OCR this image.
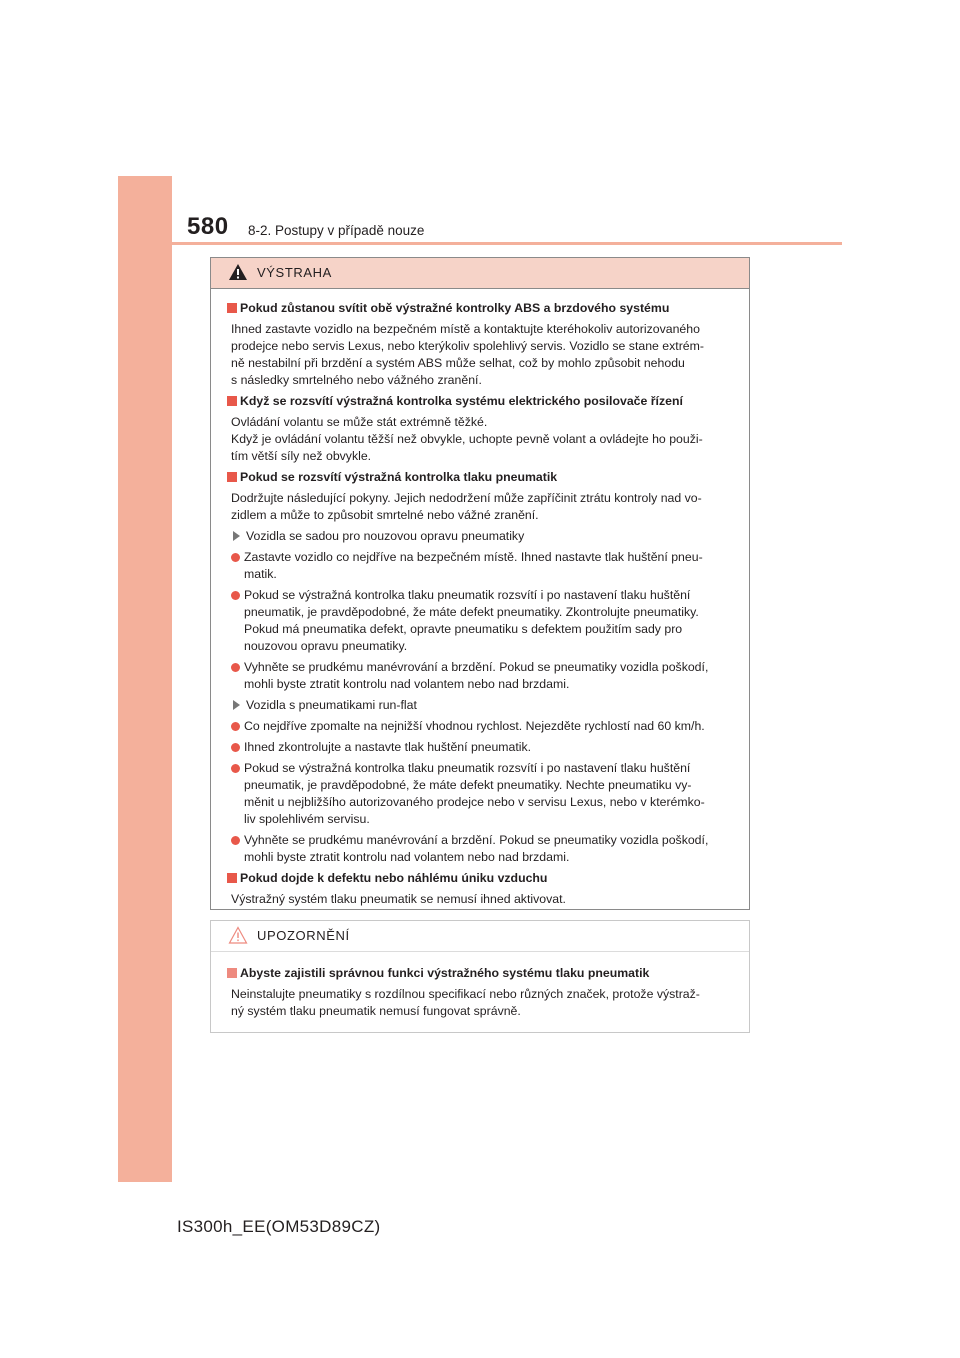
580 8-2. Postupy v případě nouze
VÝSTRAHA
Pokud zůstanou svítit obě výstražné kontrolky ABS a brzdového systému
Ihned zastavte vozidlo na bezpečném místě a kontaktujte kteréhokoliv autorizovaného
prodejce nebo servis Lexus, nebo kterýkoliv spolehlivý servis. Vozidlo se stane extrém-
ně nestabilní při brzdění a systém ABS může selhat, což by mohlo způsobit nehodu
s následky smrtelného nebo vážného zranění.
Když se rozsvítí výstražná kontrolka systému elektrického posilovače řízení
Ovládání volantu se může stát extrémně těžké.
Když je ovládání volantu těžší než obvykle, uchopte pevně volant a ovládejte ho použi-
tím větší síly než obvykle.
Pokud se rozsvítí výstražná kontrolka tlaku pneumatik
Dodržujte následující pokyny. Jejich nedodržení může zapříčinit ztrátu kontroly nad vo-
zidlem a může to způsobit smrtelné nebo vážné zranění.
Vozidla se sadou pro nouzovou opravu pneumatiky
Zastavte vozidlo co nejdříve na bezpečném místě. Ihned nastavte tlak huštění pneu-
matik.
Pokud se výstražná kontrolka tlaku pneumatik rozsvítí i po nastavení tlaku huštění
pneumatik, je pravděpodobné, že máte defekt pneumatiky. Zkontrolujte pneumatiky.
Pokud má pneumatika defekt, opravte pneumatiku s defektem použitím sady pro
nouzovou opravu pneumatiky.
Vyhněte se prudkému manévrování a brzdění. Pokud se pneumatiky vozidla poškodí,
mohli byste ztratit kontrolu nad volantem nebo nad brzdami.
Vozidla s pneumatikami run-flat
Co nejdříve zpomalte na nejnižší vhodnou rychlost. Nejezděte rychlostí nad 60 km/h.
Ihned zkontrolujte a nastavte tlak huštění pneumatik.
Pokud se výstražná kontrolka tlaku pneumatik rozsvítí i po nastavení tlaku huštění
pneumatik, je pravděpodobné, že máte defekt pneumatiky. Nechte pneumatiku vy-
měnit u nejbližšího autorizovaného prodejce nebo v servisu Lexus, nebo v kterémko-
liv spolehlivém servisu.
Vyhněte se prudkému manévrování a brzdění. Pokud se pneumatiky vozidla poškodí,
mohli byste ztratit kontrolu nad volantem nebo nad brzdami.
Pokud dojde k defektu nebo náhlému úniku vzduchu
Výstražný systém tlaku pneumatik se nemusí ihned aktivovat.
UPOZORNĚNÍ
Abyste zajistili správnou funkci výstražného systému tlaku pneumatik
Neinstalujte pneumatiky s rozdílnou specifikací nebo různých značek, protože výstraž-
ný systém tlaku pneumatik nemusí fungovat správně.
IS300h_EE(OM53D89CZ)
